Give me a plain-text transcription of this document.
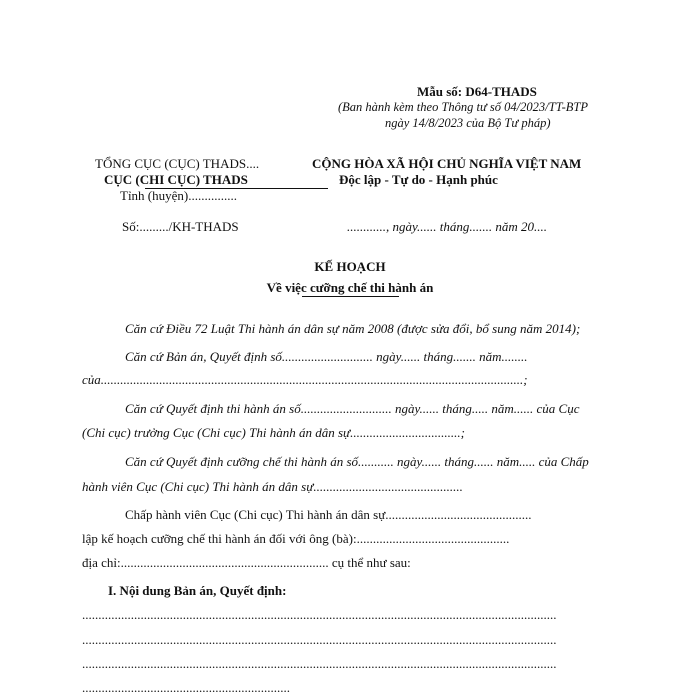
Mẫu số: D64-THADS
(Ban hành kèm theo Thông tư số 04/2023/TT-BTP
ngày 14/8/2023 của Bộ Tư pháp)
TỔNG CỤC (CỤC) THADS....
CỤC (CHI CỤC) THADS
Tỉnh (huyện)...............
CỘNG HÒA XÃ HỘI CHỦ NGHĨA VIỆT NAM
Độc lập - Tự do - Hạnh phúc
Số:........./KH-THADS	............, ngày...... tháng....... năm 20....
KẾ HOẠCH
Về việc cưỡng chế thi hành án
Căn cứ Điều 72 Luật Thi hành án dân sự năm 2008 (được sửa đổi, bổ sung năm 2014);
Căn cứ Bản án, Quyết định số............................ ngày...... tháng....... năm........
của..................................................................................................................................;
Căn cứ Quyết định thi hành án số............................ ngày...... tháng..... năm...... của Cục
(Chi cục) trưởng Cục (Chi cục) Thi hành án dân sự..................................;
Căn cứ Quyết định cưỡng chế thi hành án số........... ngày...... tháng...... năm..... của Chấp
hành viên Cục (Chi cục) Thi hành án dân sự..............................................
Chấp hành viên Cục (Chi cục) Thi hành án dân sự.............................................
lập kế hoạch cưỡng chế thi hành án đối với ông (bà):...............................................
địa chỉ:................................................................ cụ thể như sau:
I. Nội dung Bản án, Quyết định:
..................................................................................................................................................
..................................................................................................................................................
..................................................................................................................................................
................................................................
